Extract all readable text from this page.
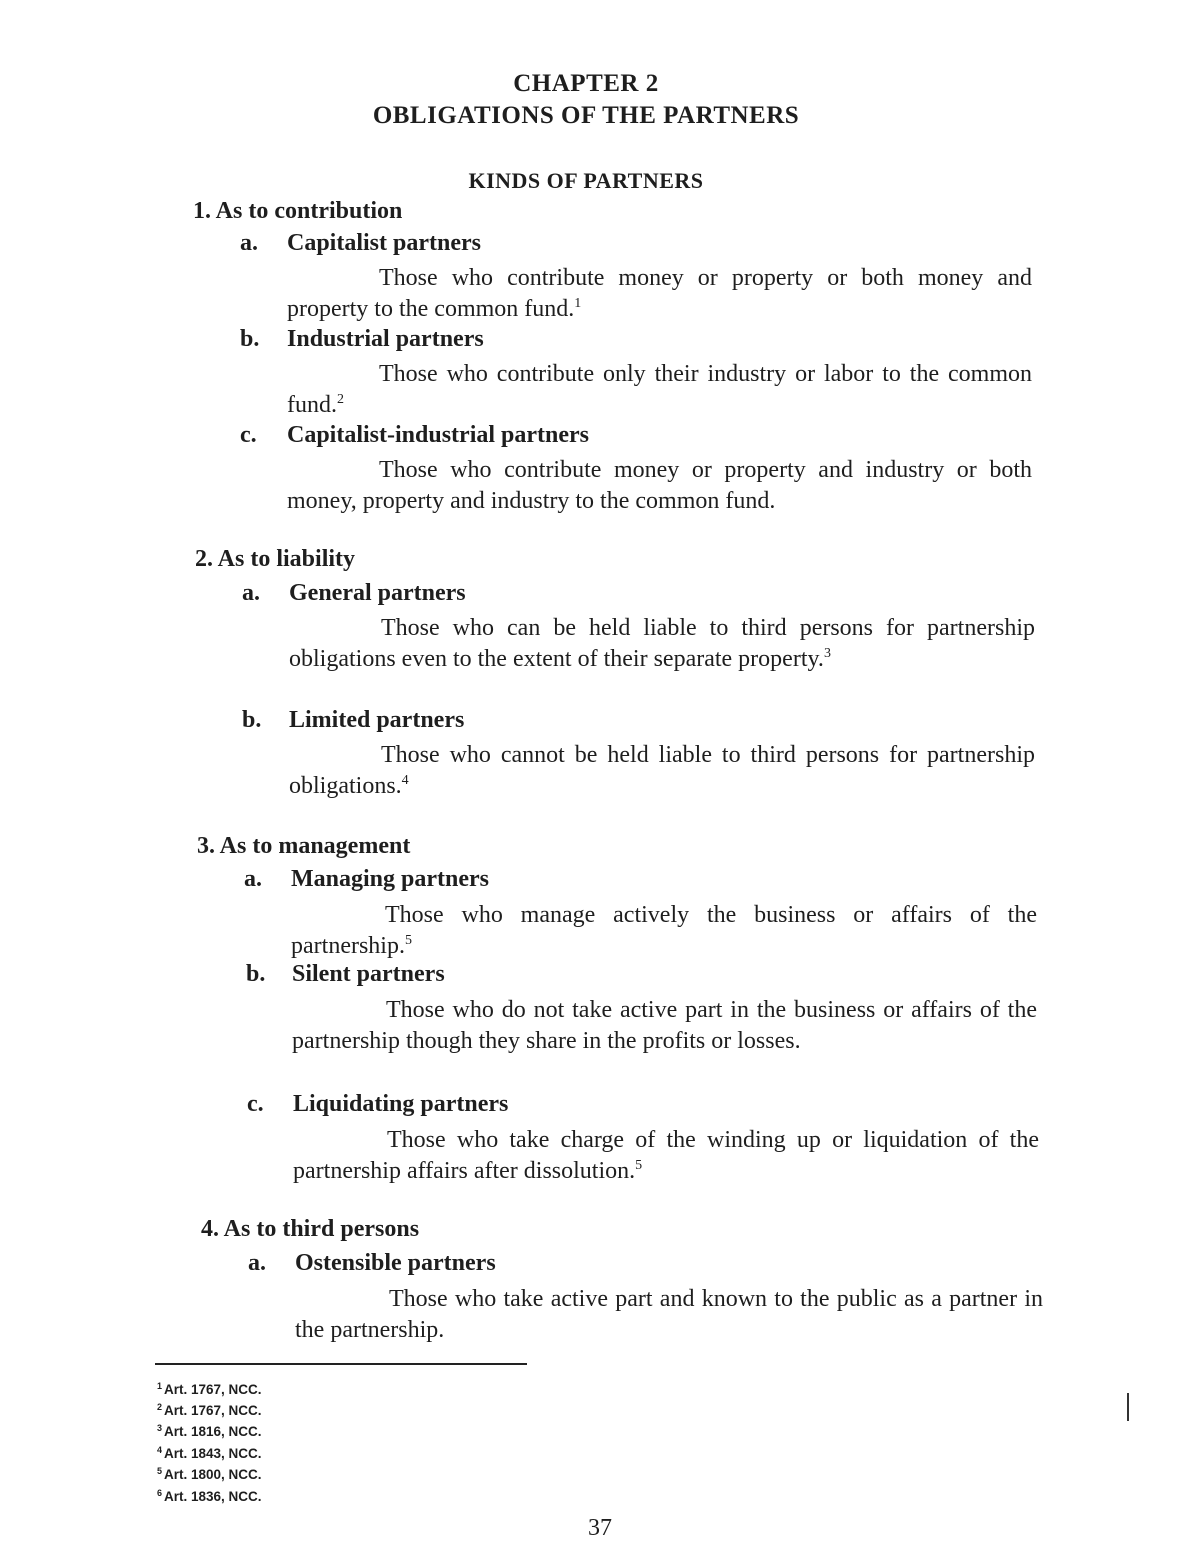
CHAPTER 2
OBLIGATIONS OF THE PARTNERS
KINDS OF PARTNERS
1. As to contribution
a. Capitalist partners

Those who contribute money or property or both money and property to the common fund.$^1$

b. Industrial partners

Those who contribute only their industry or labor to the common fund.$^2$

c. Capitalist-industrial partners

Those who contribute money or property and industry or both money, property and industry to the common fund.

2. As to liability
a. General partners

Those who can be held liable to third persons for partnership obligations even to the extent of their separate property.$^3$

b. Limited partners

Those who cannot be held liable to third persons for partnership obligations.$^4$

3. As to management
a. Managing partners

Those who manage actively the business or affairs of the partnership.$^5$

b. Silent partners

Those who do not take active part in the business or affairs of the partnership though they share in the profits or losses.

c. Liquidating partners

Those who take charge of the winding up or liquidation of the partnership affairs after dissolution.$^5$

4. As to third persons
a. Ostensible partners

Those who take active part and known to the public as a partner in the partnership.

$^1$ Art. 1767, NCC.
$^2$ Art. 1767, NCC.
$^3$ Art. 1816, NCC.
$^4$ Art. 1843, NCC.
$^5$ Art. 1800, NCC.
$^6$ Art. 1836, NCC.
37
